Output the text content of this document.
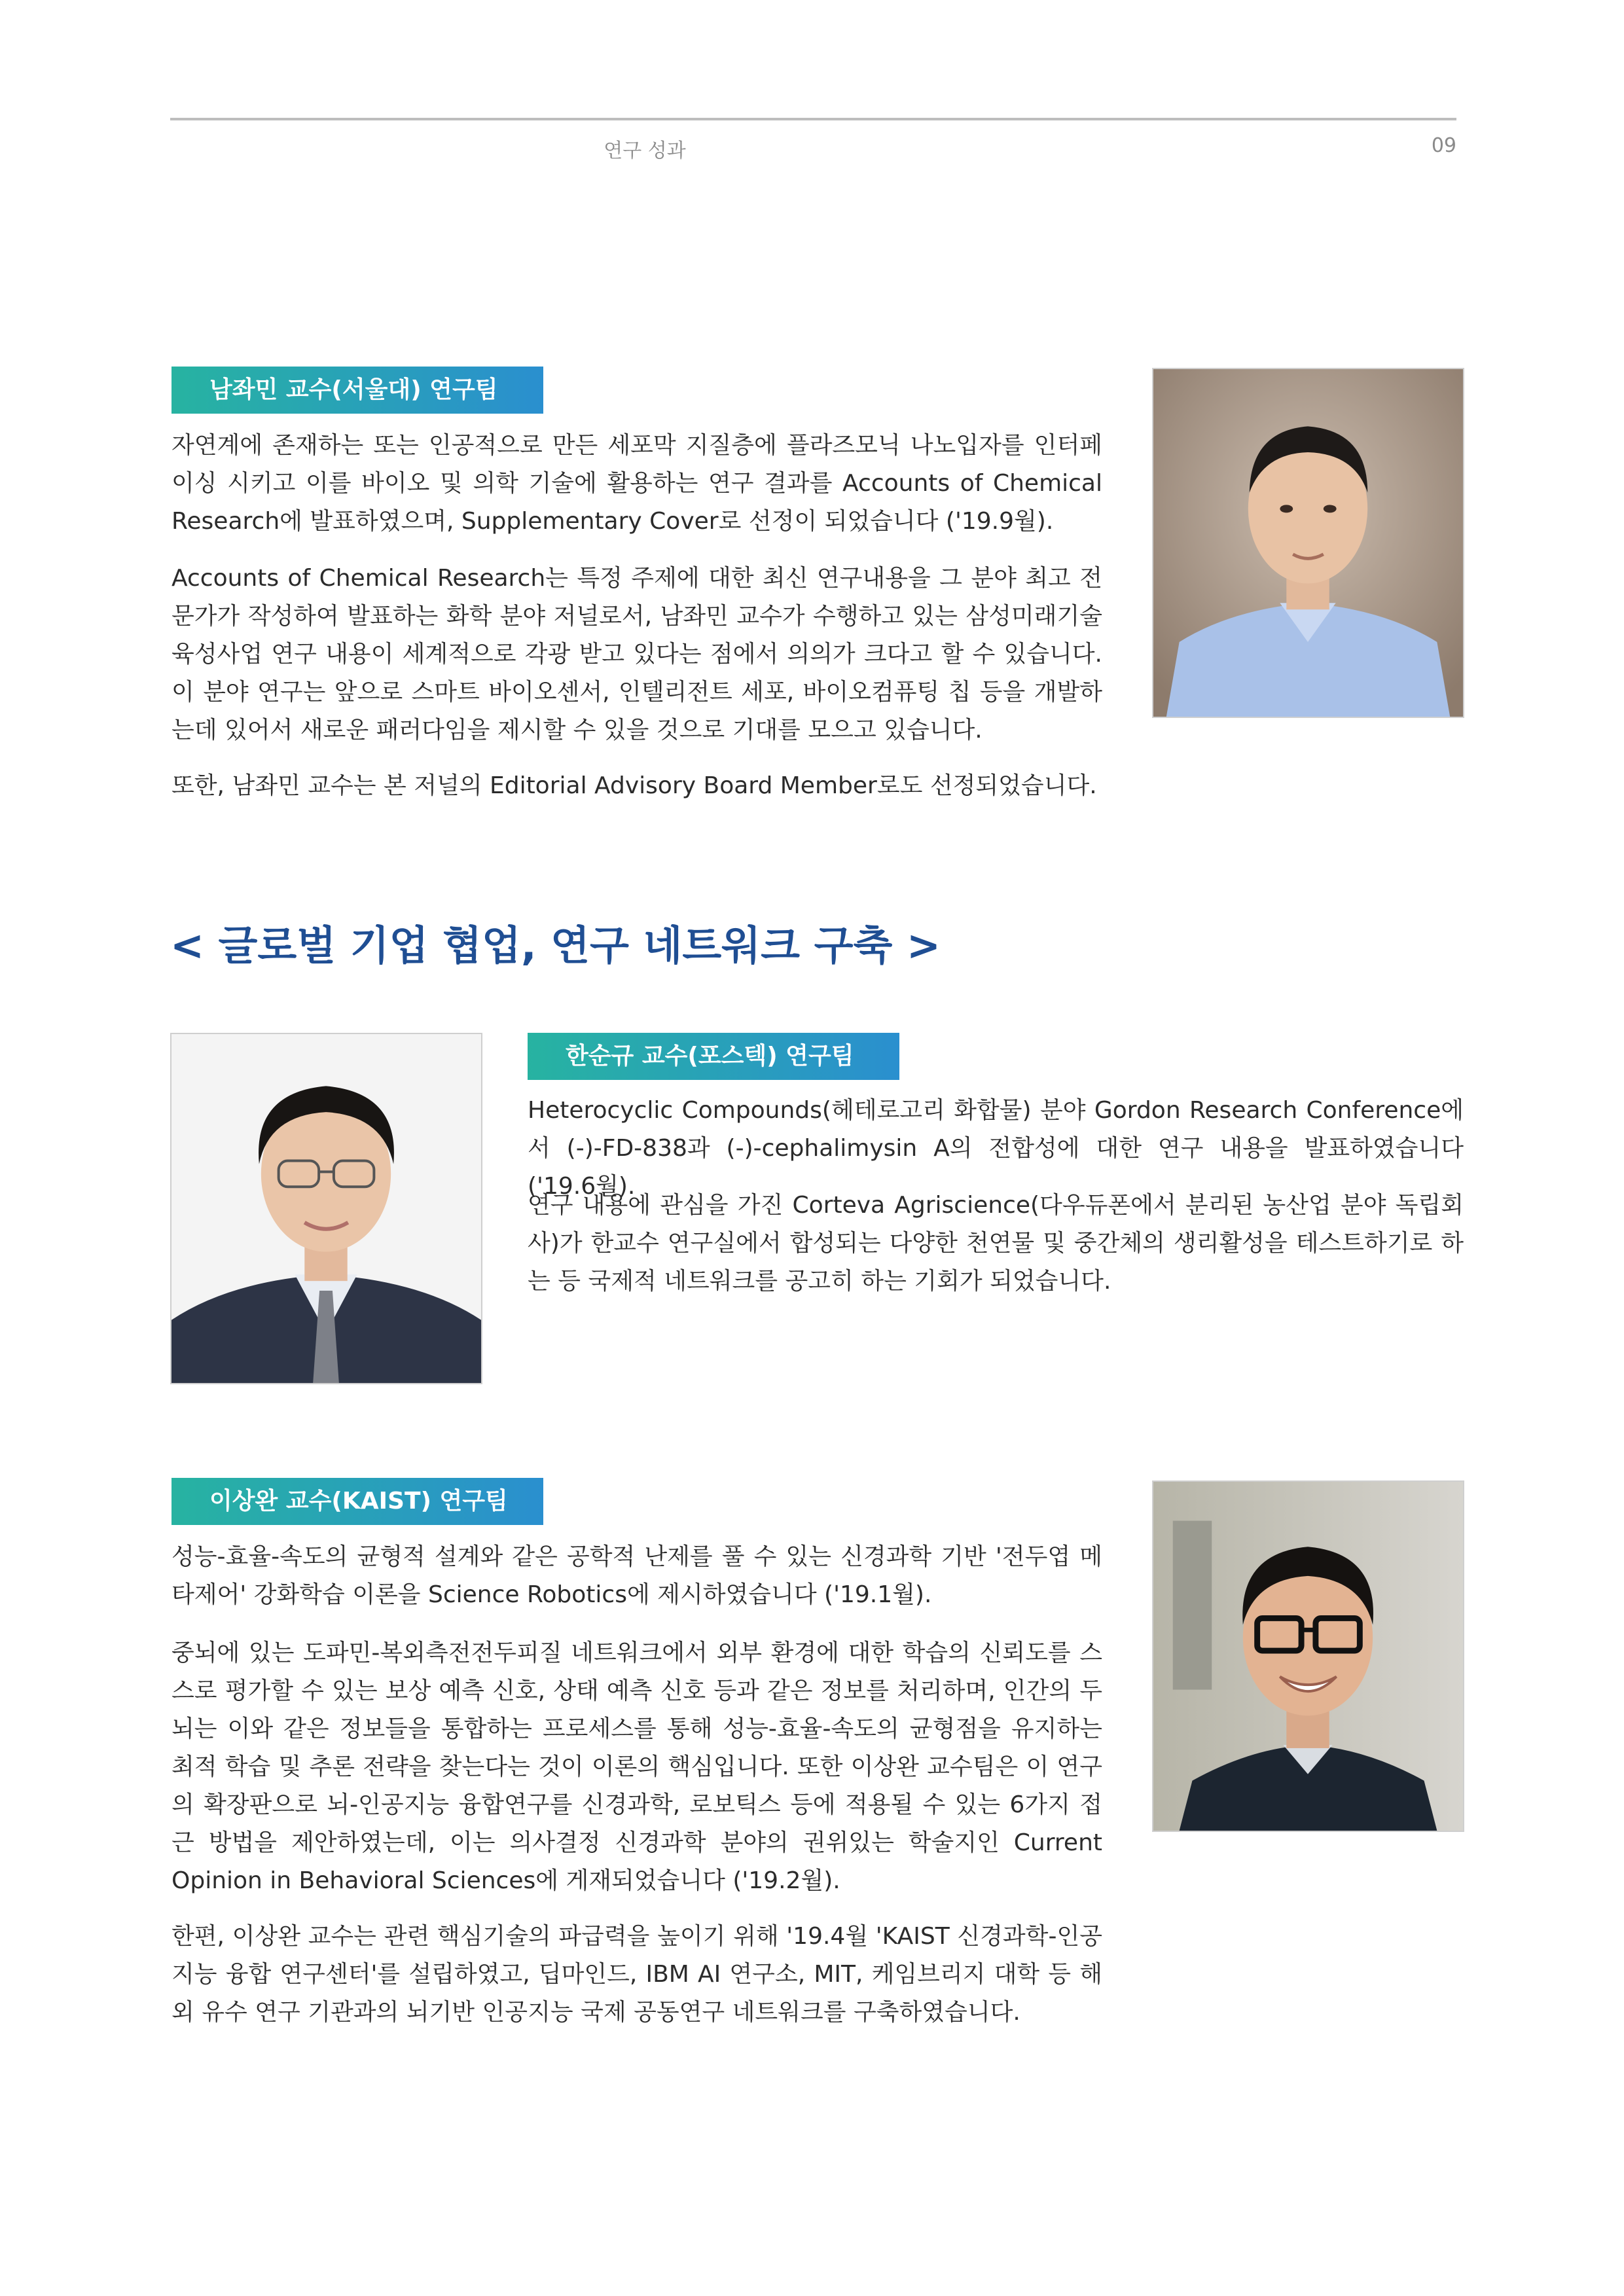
연구 성과	09
남좌민 교수(서울대) 연구팀

자연계에 존재하는 또는 인공적으로 만든 세포막 지질층에 플라즈모닉 나노입자를 인터페이싱 시키고 이를 바이오 및 의학 기술에 활용하는 연구 결과를 Accounts of Chemical Research에 발표하였으며, Supplementary Cover로 선정이 되었습니다 ('19.9월).

Accounts of Chemical Research는 특정 주제에 대한 최신 연구내용을 그 분야 최고 전문가가 작성하여 발표하는 화학 분야 저널로서, 남좌민 교수가 수행하고 있는 삼성미래기술육성사업 연구 내용이 세계적으로 각광 받고 있다는 점에서 의의가 크다고 할 수 있습니다. 이 분야 연구는 앞으로 스마트 바이오센서, 인텔리전트 세포, 바이오컴퓨팅 칩 등을 개발하는데 있어서 새로운 패러다임을 제시할 수 있을 것으로 기대를 모으고 있습니다.

또한, 남좌민 교수는 본 저널의 Editorial Advisory Board Member로도 선정되었습니다.

< 글로벌 기업 협업, 연구 네트워크 구축 >
한순규 교수(포스텍) 연구팀

Heterocyclic Compounds(헤테로고리 화합물) 분야 Gordon Research Conference에서 (-)-FD-838과 (-)-cephalimysin A의 전합성에 대한 연구 내용을 발표하였습니다 ('19.6월).

연구 내용에 관심을 가진 Corteva Agriscience(다우듀폰에서 분리된 농산업 분야 독립회사)가 한교수 연구실에서 합성되는 다양한 천연물 및 중간체의 생리활성을 테스트하기로 하는 등 국제적 네트워크를 공고히 하는 기회가 되었습니다.

이상완 교수(KAIST) 연구팀

성능-효율-속도의 균형적 설계와 같은 공학적 난제를 풀 수 있는 신경과학 기반 '전두엽 메타제어' 강화학습 이론을 Science Robotics에 제시하였습니다 ('19.1월).

중뇌에 있는 도파민-복외측전전두피질 네트워크에서 외부 환경에 대한 학습의 신뢰도를 스스로 평가할 수 있는 보상 예측 신호, 상태 예측 신호 등과 같은 정보를 처리하며, 인간의 두뇌는 이와 같은 정보들을 통합하는 프로세스를 통해 성능-효율-속도의 균형점을 유지하는 최적 학습 및 추론 전략을 찾는다는 것이 이론의 핵심입니다. 또한 이상완 교수팀은 이 연구의 확장판으로 뇌-인공지능 융합연구를 신경과학, 로보틱스 등에 적용될 수 있는 6가지 접근 방법을 제안하였는데, 이는 의사결정 신경과학 분야의 권위있는 학술지인 Current Opinion in Behavioral Sciences에 게재되었습니다 ('19.2월).

한편, 이상완 교수는 관련 핵심기술의 파급력을 높이기 위해 '19.4월 'KAIST 신경과학-인공지능 융합 연구센터'를 설립하였고, 딥마인드, IBM AI 연구소, MIT, 케임브리지 대학 등 해외 유수 연구 기관과의 뇌기반 인공지능 국제 공동연구 네트워크를 구축하였습니다.
